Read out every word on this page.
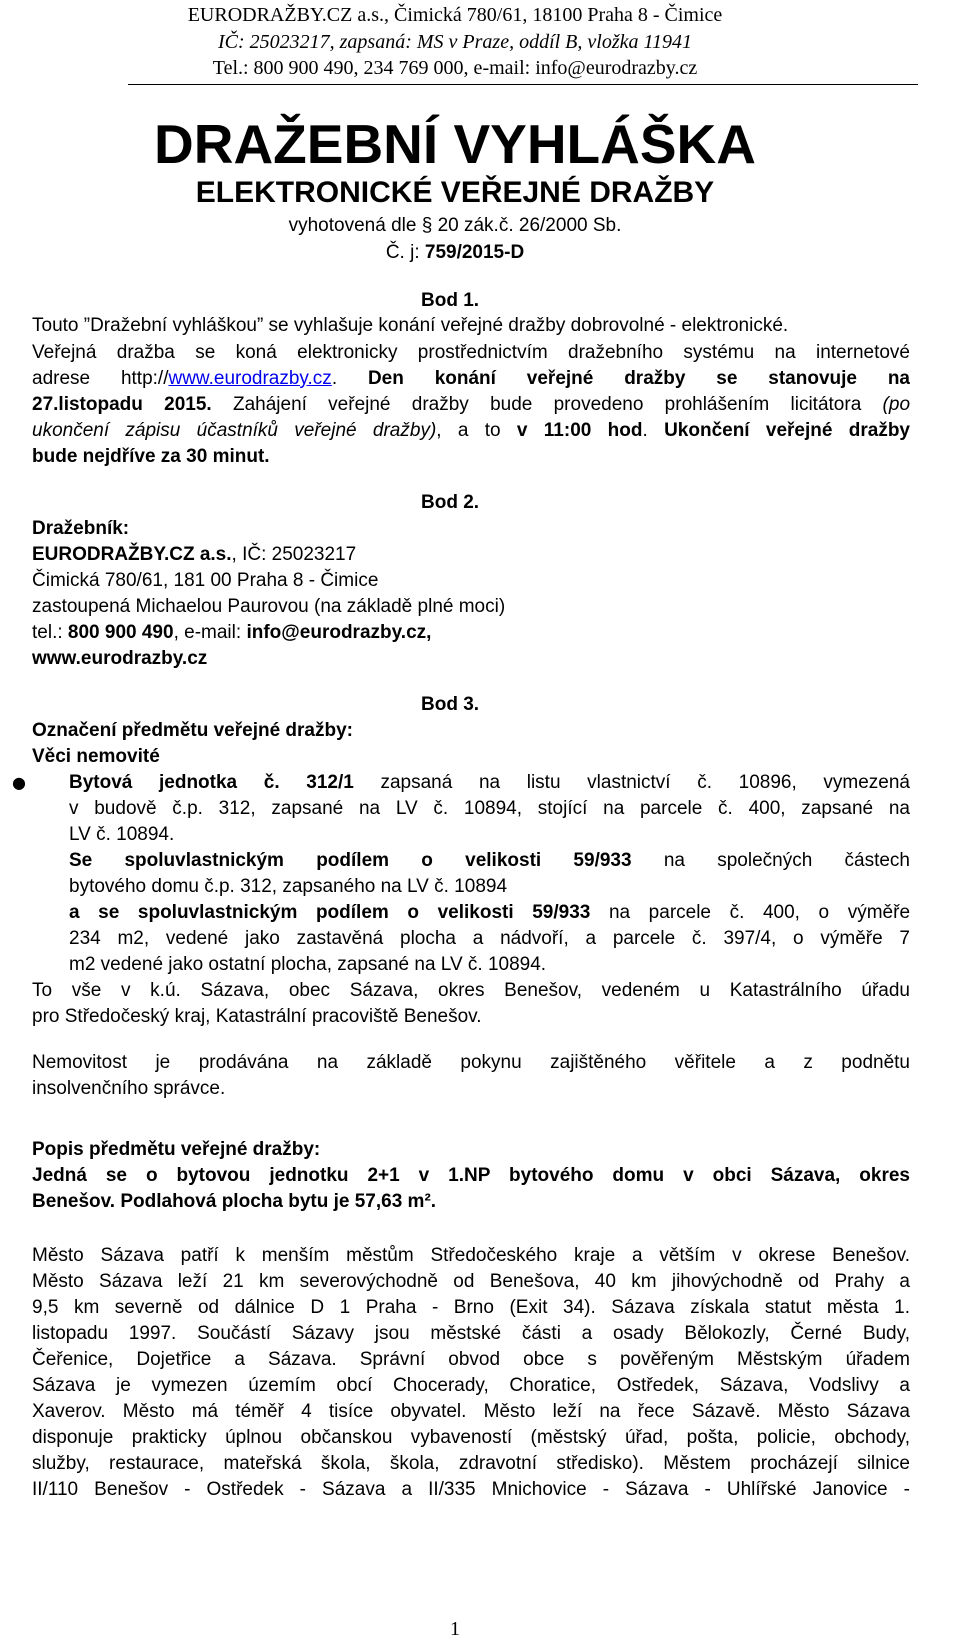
EURODRAŽBY.CZ a.s., Čimická 780/61, 18100 Praha 8 - Čimice
IČ: 25023217, zapsaná: MS v Praze, oddíl B, vložka 11941
Tel.: 800 900 490, 234 769 000, e-mail: info@eurodrazby.cz
DRAŽEBNÍ VYHLÁŠKA
ELEKTRONICKÉ VEŘEJNÉ DRAŽBY
vyhotovená dle § 20 zák.č. 26/2000 Sb.
Č. j: 759/2015-D
Bod 1.
Touto ”Dražební vyhláškou” se vyhlašuje konání veřejné dražby dobrovolné - elektronické.
Veřejná dražba se koná elektronicky prostřednictvím dražebního systému na internetové
adrese http://www.eurodrazby.cz. Den konání veřejné dražby se stanovuje na
27.listopadu 2015. Zahájení veřejné dražby bude provedeno prohlášením licitátora (po
ukončení zápisu účastníků veřejné dražby), a to v 11:00 hod. Ukončení veřejné dražby
bude nejdříve za 30 minut.
Bod 2.
Dražebník:
EURODRAŽBY.CZ a.s., IČ: 25023217
Čimická 780/61, 181 00 Praha 8 - Čimice
zastoupená Michaelou Paurovou (na základě plné moci)
tel.: 800 900 490, e-mail: info@eurodrazby.cz,
www.eurodrazby.cz
Bod 3.
Označení předmětu veřejné dražby:
Věci nemovité
● Bytová jednotka č. 312/1 zapsaná na listu vlastnictví č. 10896, vymezená
v budově č.p. 312, zapsané na LV č. 10894, stojící na parcele č. 400, zapsané na
LV č. 10894.
Se spoluvlastnickým podílem o velikosti 59/933 na společných částech
bytového domu č.p. 312, zapsaného na LV č. 10894
a se spoluvlastnickým podílem o velikosti 59/933 na parcele č. 400, o výměře
234 m2, vedené jako zastavěná plocha a nádvoří, a parcele č. 397/4, o výměře 7
m2 vedené jako ostatní plocha, zapsané na LV č. 10894.
To vše v k.ú. Sázava, obec Sázava, okres Benešov, vedeném u Katastrálního úřadu
pro Středočeský kraj, Katastrální pracoviště Benešov.
Nemovitost je prodávána na základě pokynu zajištěného věřitele a z podnětu
insolvenčního správce.
Popis předmětu veřejné dražby:
Jedná se o bytovou jednotku 2+1 v 1.NP bytového domu v obci Sázava, okres
Benešov. Podlahová plocha bytu je 57,63 m².
Město Sázava patří k menším městům Středočeského kraje a větším v okrese Benešov.
Město Sázava leží 21 km severovýchodně od Benešova, 40 km jihovýchodně od Prahy a
9,5 km severně od dálnice D 1 Praha - Brno (Exit 34). Sázava získala statut města 1.
listopadu 1997. Součástí Sázavy jsou městské části a osady Bělokozly, Černé Budy,
Čeřenice, Dojetřice a Sázava. Správní obvod obce s pověřeným Městským úřadem
Sázava je vymezen územím obcí Chocerady, Choratice, Ostředek, Sázava, Vodslivy a
Xaverov. Město má téměř 4 tisíce obyvatel. Město leží na řece Sázavě. Město Sázava
disponuje prakticky úplnou občanskou vybaveností (městský úřad, pošta, policie, obchody,
služby, restaurace, mateřská škola, škola, zdravotní středisko). Městem procházejí silnice
II/110 Benešov - Ostředek - Sázava a II/335 Mnichovice - Sázava - Uhlířské Janovice -
1
